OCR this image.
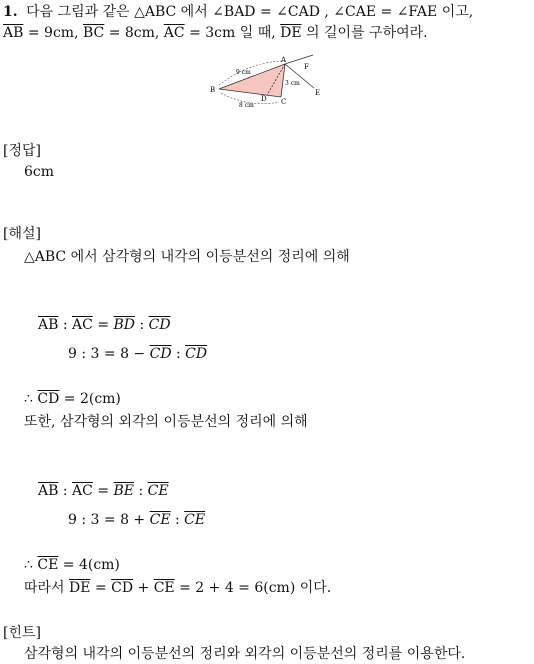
1. 다음 그림과 같은 △ABC 에서 ∠BAD = ∠CAD , ∠CAE = ∠FAE 이고,
$\overline{AB} = 9cm$, $\overline{BC} = 8cm$, $\overline{AC} = 3cm$ 일 때, $\overline{DE}$ 의 길이를 구하여라.
A
B
C
D
E
F
9 cm
3 cm
8 cm
[정답]
6cm
[해설]
△ABC 에서 삼각형의 내각의 이등분선의 정리에 의해
$\overline{AB}$ : $\overline{AC} = \overline{BD}$ : $\overline{CD}$
9 : $3 = 8 - \overline{CD}$ : $\overline{CD}$
∴ $\overline{CD} = 2(cm)$
또한, 삼각형의 외각의 이등분선의 정리에 의해
$\overline{AB}$ : $\overline{AC} = \overline{BE}$ : $\overline{CE}$
9 : $3 = 8 + \overline{CE}$ : $\overline{CE}$
∴ $\overline{CE} = 4(cm)$
따라서 $\overline{DE} = \overline{CD} + \overline{CE} = 2 + 4 = 6(cm)$ 이다.
[힌트]
삼각형의 내각의 이등분선의 정리와 외각의 이등분선의 정리를 이용한다.
